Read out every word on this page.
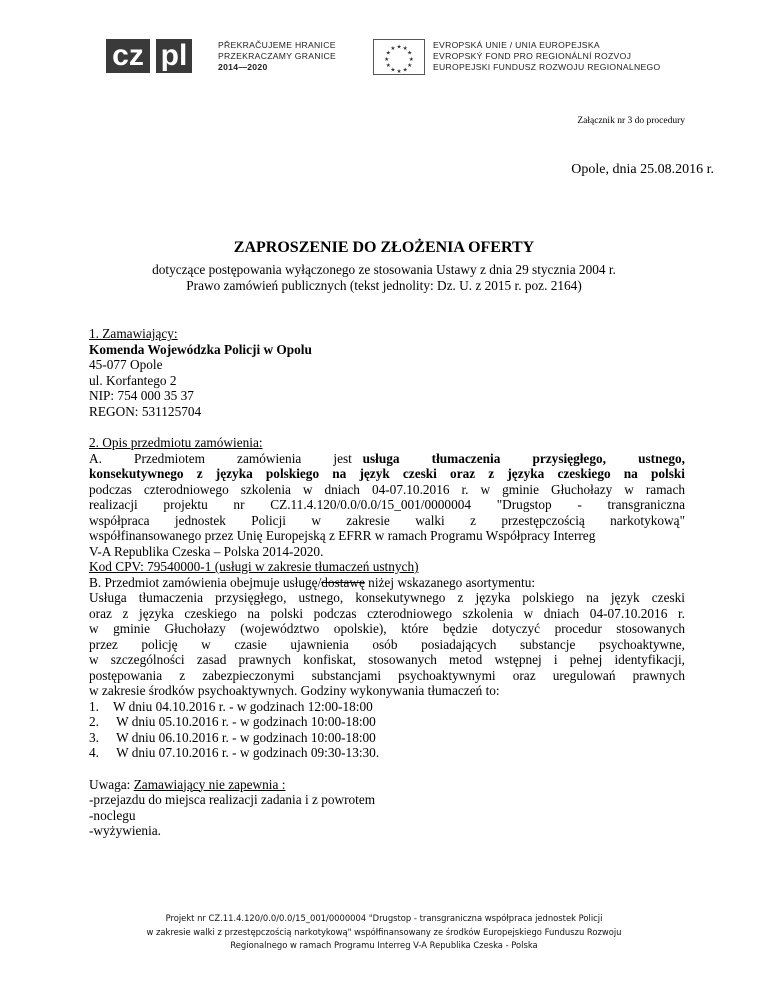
cz pl	PŘEKRAČUJEME HRANICE
PRZEKRACZAMY GRANICE
2014—2020
★ ★
★
★
★
★
★
★
★
★
★
★	EVROPSKÁ UNIE / UNIA EUROPEJSKA
EVROPSKÝ FOND PRO REGIONÁLNÍ ROZVOJ
EUROPEJSKI FUNDUSZ ROZWOJU REGIONALNEGO
Załącznik nr 3 do procedury
Opole, dnia 25.08.2016 r.
ZAPROSZENIE DO ZŁOŻENIA OFERTY
dotyczące postępowania wyłączonego ze stosowania Ustawy z dnia 29 stycznia 2004 r.
Prawo zamówień publicznych (tekst jednolity: Dz. U. z 2015 r. poz. 2164)

1. Zamawiający:

Komenda Wojewódzka Policji w Opolu

45-077 Opole

ul. Korfantego 2

NIP: 754 000 35 37

REGON: 531125704

2. Opis przedmiotu zamówienia:

A.   Przedmiotem   zamówienia   jest usługa   tłumaczenia   przysięgłego,   ustnego,

konsekutywnego z języka polskiego na język czeski oraz z języka czeskiego na polski

podczas czterodniowego szkolenia w dniach 04-07.10.2016 r. w gminie Głuchołazy w ramach

realizacji projektu nr CZ.11.4.120/0.0/0.0/15_001/0000004 "Drugstop - transgraniczna

współpraca jednostek Policji w zakresie walki z przestępczością narkotykową"

współfinansowanego przez Unię Europejską z EFRR w ramach Programu Współpracy Interreg

V-A Republika Czeska – Polska 2014-2020.

Kod CPV: 79540000-1 (usługi w zakresie tłumaczeń ustnych)

B. Przedmiot zamówienia obejmuje usługę/dostawę niżej wskazanego asortymentu:

Usługa tłumaczenia przysięgłego, ustnego, konsekutywnego z języka polskiego na język czeski

oraz z języka czeskiego na polski podczas czterodniowego szkolenia w dniach 04-07.10.2016 r.

w gminie Głuchołazy (województwo opolskie), które będzie dotyczyć procedur stosowanych

przez policję w czasie ujawnienia osób posiadających substancje psychoaktywne,

w szczególności zasad prawnych konfiskat, stosowanych metod wstępnej i pełnej identyfikacji,

postępowania z zabezpieczonymi substancjami psychoaktywnymi oraz uregulowań prawnych

w zakresie środków psychoaktywnych. Godziny wykonywania tłumaczeń to:

1.	W dniu 04.10.2016 r. - w godzinach 12:00-18:00
2.	W dniu 05.10.2016 r. - w godzinach 10:00-18:00
3.	W dniu 06.10.2016 r. - w godzinach 10:00-18:00
4.	W dniu 07.10.2016 r. - w godzinach 09:30-13:30.

Uwaga: Zamawiający nie zapewnia :

-przejazdu do miejsca realizacji zadania i z powrotem

-noclegu

-wyżywienia.

Projekt nr CZ.11.4.120/0.0/0.0/15_001/0000004 "Drugstop - transgraniczna współpraca jednostek Policji
w zakresie walki z przestępczością narkotykową" współfinansowany ze środków Europejskiego Funduszu Rozwoju
Regionalnego w ramach Programu Interreg V-A Republika Czeska - Polska
